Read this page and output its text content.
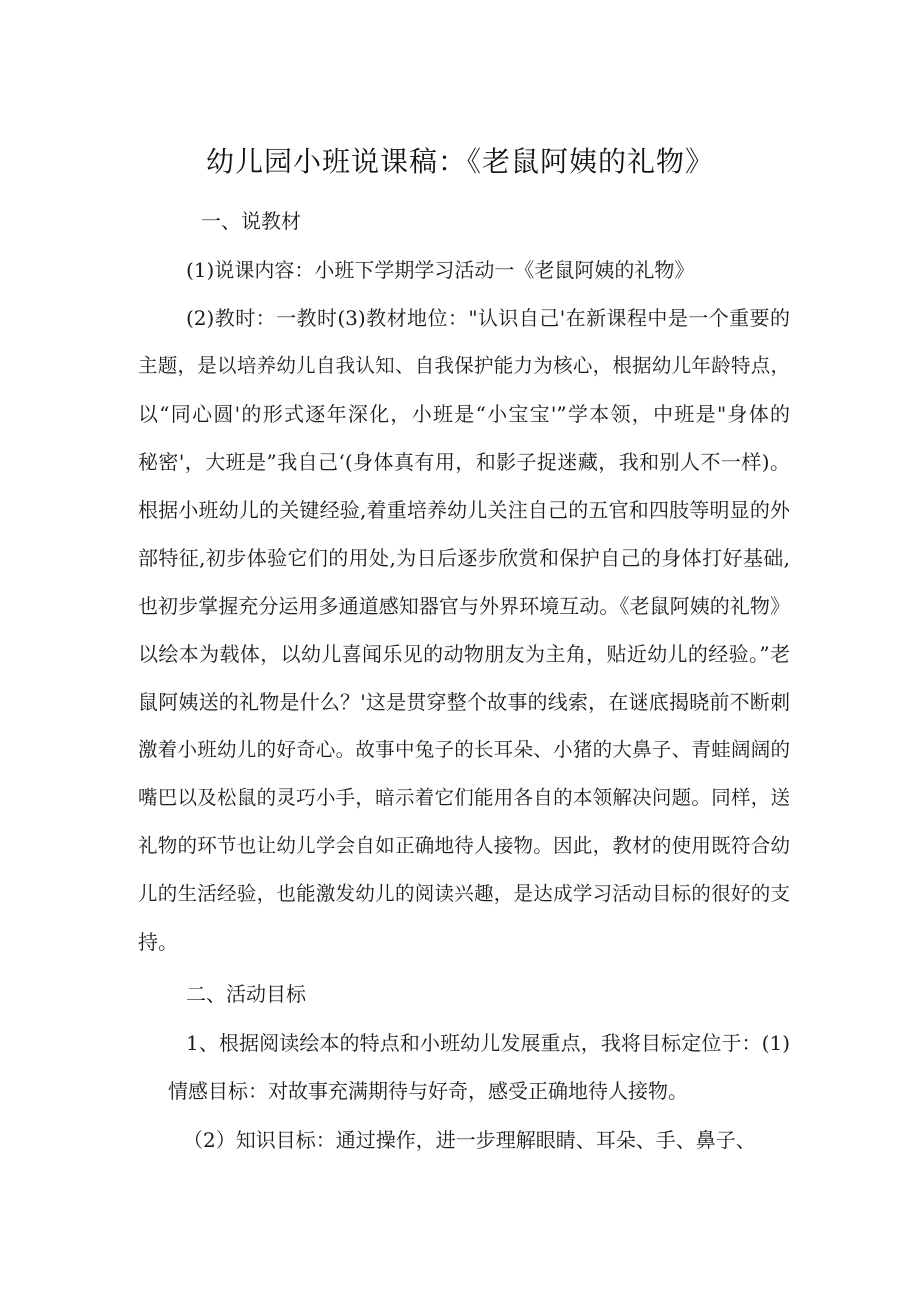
幼儿园小班说课稿：《老鼠阿姨的礼物》
一、说教材
(1)说课内容：小班下学期学习活动一《老鼠阿姨的礼物》
(2)教时：一教时(3)教材地位："认识自己'在新课程中是一个重要的
主题，是以培养幼儿自我认知、自我保护能力为核心，根据幼儿年龄特点，
以“同心圆'的形式逐年深化，小班是“小宝宝'”学本领，中班是"身体的
秘密'，大班是”我自己‘(身体真有用，和影子捉迷藏，我和别人不一样)。
根据小班幼儿的关键经验,着重培养幼儿关注自己的五官和四肢等明显的外
部特征,初步体验它们的用处,为日后逐步欣赏和保护自己的身体打好基础,
也初步掌握充分运用多通道感知器官与外界环境互动。《老鼠阿姨的礼物》
以绘本为载体，以幼儿喜闻乐见的动物朋友为主角，贴近幼儿的经验。”老
鼠阿姨送的礼物是什么？'这是贯穿整个故事的线索，在谜底揭晓前不断刺
激着小班幼儿的好奇心。故事中兔子的长耳朵、小猪的大鼻子、青蛙阔阔的
嘴巴以及松鼠的灵巧小手，暗示着它们能用各自的本领解决问题。同样，送
礼物的环节也让幼儿学会自如正确地待人接物。因此，教材的使用既符合幼
儿的生活经验，也能激发幼儿的阅读兴趣，是达成学习活动目标的很好的支
持。
二、活动目标
1、根据阅读绘本的特点和小班幼儿发展重点，我将目标定位于：(1)
情感目标：对故事充满期待与好奇，感受正确地待人接物。
（2）知识目标：通过操作，进一步理解眼睛、耳朵、手、鼻子、
